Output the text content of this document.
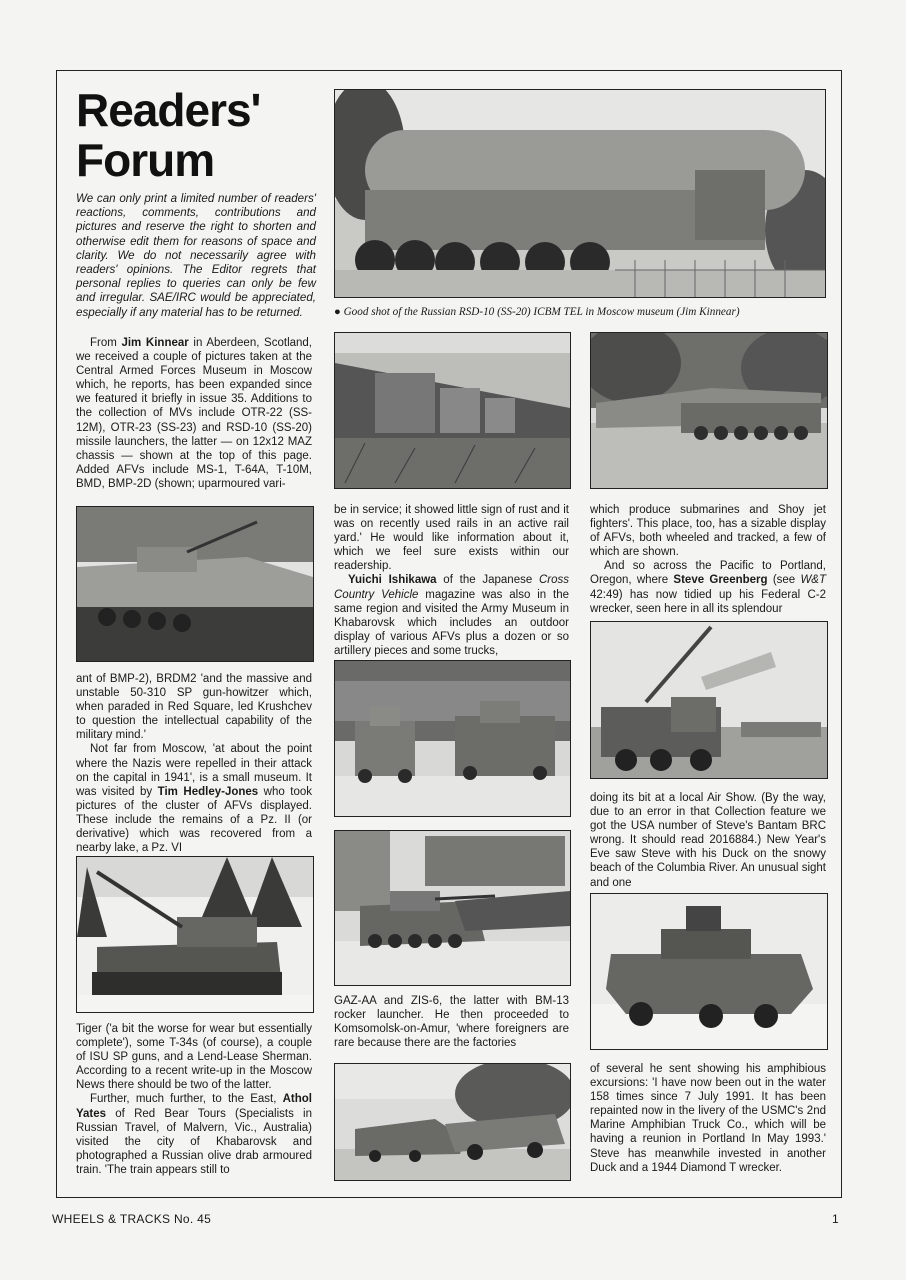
Readers'
Forum

We can only print a limited number of readers' reactions, comments, contributions and pictures and reserve the right to shorten and otherwise edit them for reasons of space and clarity. We do not necessarily agree with readers' opinions. The Editor regrets that personal replies to queries can only be few and irregular. SAE/IRC would be appreciated, especially if any material has to be returned.	● Good shot of the Russian RSD-10 (SS-20) ICBM TEL in Moscow museum (Jim Kinnear)

From Jim Kinnear in Aberdeen, Scotland, we received a couple of pictures taken at the Central Armed Forces Museum in Moscow which, he reports, has been expanded since we featured it briefly in issue 35. Additions to the collection of MVs include OTR-22 (SS-12M), OTR-23 (SS-23) and RSD-10 (SS-20) missile launchers, the latter — on 12x12 MAZ chassis — shown at the top of this page. Added AFVs include MS-1, T-64A, T-10M, BMD, BMP-2D (shown; uparmoured vari-

ant of BMP-2), BRDM2 'and the massive and unstable 50-310 SP gun-howitzer which, when paraded in Red Square, led Krushchev to question the intellectual capability of the military mind.'

Not far from Moscow, 'at about the point where the Nazis were repelled in their attack on the capital in 1941', is a small museum. It was visited by Tim Hedley-Jones who took pictures of the cluster of AFVs displayed. These include the remains of a Pz. II (or derivative) which was recovered from a nearby lake, a Pz. VI

Tiger ('a bit the worse for wear but essentially complete'), some T-34s (of course), a couple of ISU SP guns, and a Lend-Lease Sherman. According to a recent write-up in the Moscow News there should be two of the latter.

Further, much further, to the East, Athol Yates of Red Bear Tours (Specialists in Russian Travel, of Malvern, Vic., Australia) visited the city of Khabarovsk and photographed a Russian olive drab armoured train. 'The train appears still to

be in service; it showed little sign of rust and it was on recently used rails in an active rail yard.' He would like information about it, which we feel sure exists within our readership.

Yuichi Ishikawa of the Japanese Cross Country Vehicle magazine was also in the same region and visited the Army Museum in Khabarovsk which includes an outdoor display of various AFVs plus a dozen or so artillery pieces and some trucks,

GAZ-AA and ZIS-6, the latter with BM-13 rocker launcher. He then proceeded to Komsomolsk-on-Amur, 'where foreigners are rare because there are the factories

which produce submarines and Shoy jet fighters'. This place, too, has a sizable display of AFVs, both wheeled and tracked, a few of which are shown.

And so across the Pacific to Portland, Oregon, where Steve Greenberg (see W&T 42:49) has now tidied up his Federal C-2 wrecker, seen here in all its splendour

doing its bit at a local Air Show. (By the way, due to an error in that Collection feature we got the USA number of Steve's Bantam BRC wrong. It should read 2016884.) New Year's Eve saw Steve with his Duck on the snowy beach of the Columbia River. An unusual sight and one

of several he sent showing his amphibious excursions: 'I have now been out in the water 158 times since 7 July 1991. It has been repainted now in the livery of the USMC's 2nd Marine Amphibian Truck Co., which will be having a reunion in Portland In May 1993.' Steve has meanwhile invested in another Duck and a 1944 Diamond T wrecker.

WHEELS & TRACKS No. 45	1
